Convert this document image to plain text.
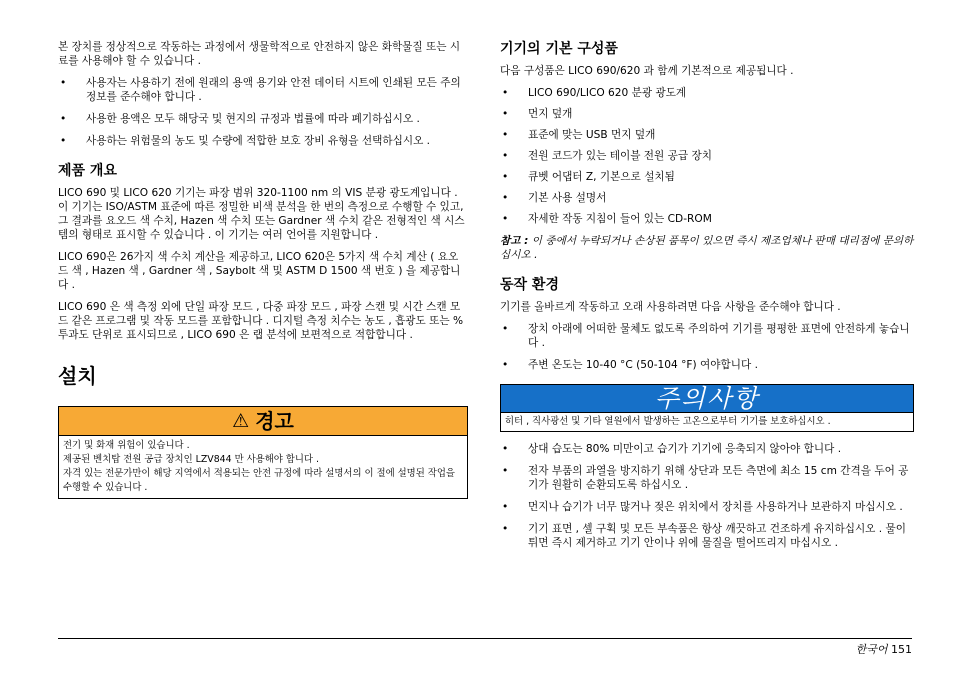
본 장치를 정상적으로 작동하는 과정에서 생물학적으로 안전하지 않은 화학물질 또는 시료를 사용해야 할 수 있습니다 .

• 사용자는 사용하기 전에 원래의 용액 용기와 안전 데이터 시트에 인쇄된 모든 주의 정보를 준수해야 합니다 .
• 사용한 용액은 모두 해당국 및 현지의 규정과 법률에 따라 폐기하십시오 .
• 사용하는 위험물의 농도 및 수량에 적합한 보호 장비 유형을 선택하십시오 .
제품 개요

LICO 690 및 LICO 620 기기는 파장 범위 320-1100 nm 의 VIS 분광 광도계입니다 . 이 기기는 ISO/ASTM 표준에 따른 정밀한 비색 분석을 한 번의 측정으로 수행할 수 있고, 그 결과를 요오드 색 수치, Hazen 색 수치 또는 Gardner 색 수치 같은 전형적인 색 시스템의 형태로 표시할 수 있습니다 . 이 기기는 여러 언어를 지원합니다 .

LICO 690은 26가지 색 수치 계산을 제공하고, LICO 620은 5가지 색 수치 계산 ( 요오드 색 , Hazen 색 , Gardner 색 , Saybolt 색 및 ASTM D 1500 색 번호 ) 을 제공합니다 .

LICO 690 은 색 측정 외에 단일 파장 모드 , 다중 파장 모드 , 파장 스캔 및 시간 스캔 모드 같은 프로그램 및 작동 모드를 포함합니다 . 디지털 측정 치수는 농도 , 흡광도 또는 % 투과도 단위로 표시되므로 , LICO 690 은 랩 분석에 보편적으로 적합합니다 .

설치
⚠ 경고
전기 및 화재 위험이 있습니다 .
제공된 벤치탑 전원 공급 장치인 LZV844 만 사용해야 합니다 .
자격 있는 전문가만이 해당 지역에서 적용되는 안전 규정에 따라 설명서의 이 절에 설명된 작업을 수행할 수 있습니다 .
기기의 기본 구성품

다음 구성품은 LICO 690/620 과 함께 기본적으로 제공됩니다 .

• LICO 690/LICO 620 분광 광도계
• 먼지 덮개
• 표준에 맞는 USB 먼지 덮개
• 전원 코드가 있는 테이블 전원 공급 장치
• 큐벳 어댑터 Z, 기본으로 설치됨
• 기본 사용 설명서
• 자세한 작동 지침이 들어 있는 CD-ROM

참고 : 이 중에서 누락되거나 손상된 품목이 있으면 즉시 제조업체나 판매 대리점에 문의하십시오 .

동작 환경

기기를 올바르게 작동하고 오래 사용하려면 다음 사항을 준수해야 합니다 .

• 장치 아래에 어떠한 물체도 없도록 주의하여 기기를 평평한 표면에 안전하게 놓습니다 .
• 주변 온도는 10-40 °C (50-104 °F) 여야합니다 .
주의사항
히터 , 직사광선 및 기타 열원에서 발생하는 고온으로부터 기기를 보호하십시오 .
• 상대 습도는 80% 미만이고 습기가 기기에 응축되지 않아야 합니다 .
• 전자 부품의 과열을 방지하기 위해 상단과 모든 측면에 최소 15 cm 간격을 두어 공기가 원활히 순환되도록 하십시오 .
• 먼지나 습기가 너무 많거나 젖은 위치에서 장치를 사용하거나 보관하지 마십시오 .
• 기기 표면 , 셀 구획 및 모든 부속품은 항상 깨끗하고 건조하게 유지하십시오 . 물이 튀면 즉시 제거하고 기기 안이나 위에 물질을 떨어뜨리지 마십시오 .
한국어 151
